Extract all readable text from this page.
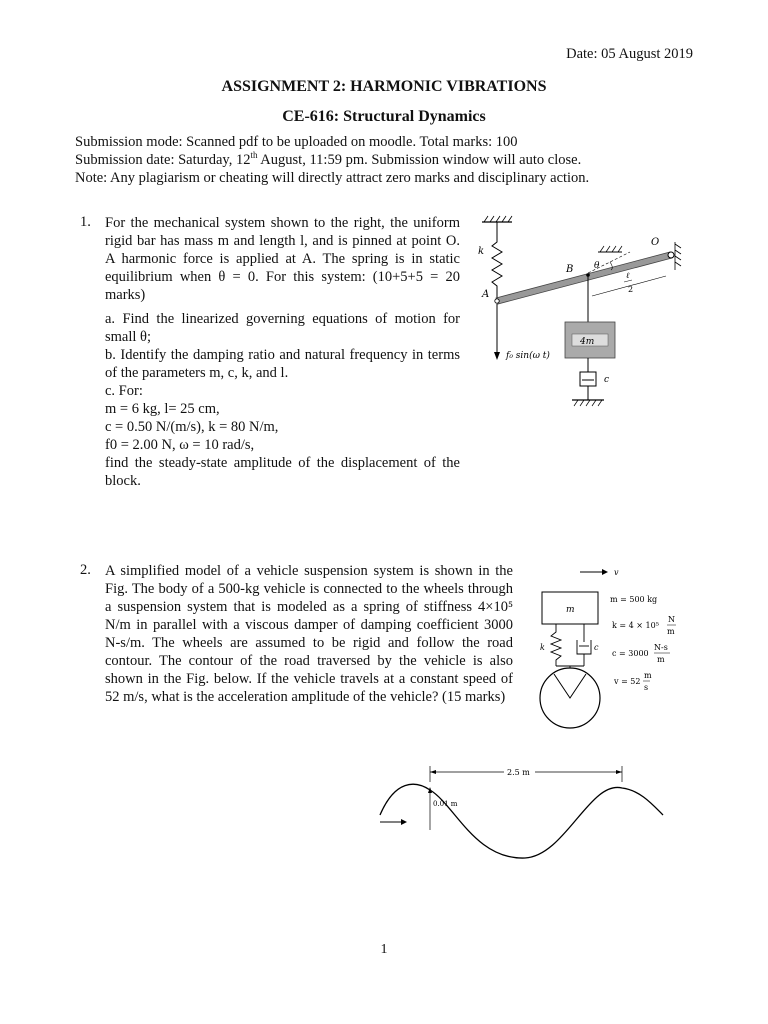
Date: 05 August 2019
ASSIGNMENT 2: HARMONIC VIBRATIONS
CE-616: Structural Dynamics
Submission mode: Scanned pdf to be uploaded on moodle. Total marks: 100
Submission date: Saturday, 12th August, 11:59 pm. Submission window will auto close.
Note: Any plagiarism or cheating will directly attract zero marks and disciplinary action.
1. For the mechanical system shown to the right, the uniform rigid bar has mass m and length l, and is pinned at point O. A harmonic force is applied at A. The spring is in static equilibrium when θ = 0. For this system: (10+5+5 = 20 marks)

a. Find the linearized governing equations of motion for small θ;

b. Identify the damping ratio and natural frequency in terms of the parameters m, c, k, and l.

c. For:

m = 6 kg, l= 25 cm,

c = 0.50 N/(m/s), k = 80 N/m,

f0 = 2.00 N, ω = 10 rad/s,

find the steady-state amplitude of the displacement of the block.

k
A
O
θ
B
ℓ
2
4m
c
f₀ sin(ω t)
2. A simplified model of a vehicle suspension system is shown in the Fig. The body of a 500-kg vehicle is connected to the wheels through a suspension system that is modeled as a spring of stiffness 4×10⁵ N/m in parallel with a viscous damper of damping coefficient 3000 N-s/m. The wheels are assumed to be rigid and follow the road contour. The contour of the road traversed by the vehicle is also shown in the Fig. below. If the vehicle travels at a constant speed of 52 m/s, what is the acceleration amplitude of the vehicle? (15 marks)
v
m
k	c
m = 500 kg
k = 4 × 10⁵
N
m
c = 3000
N-s
m
v = 52
m
s
2.5 m
0.01 m
1
